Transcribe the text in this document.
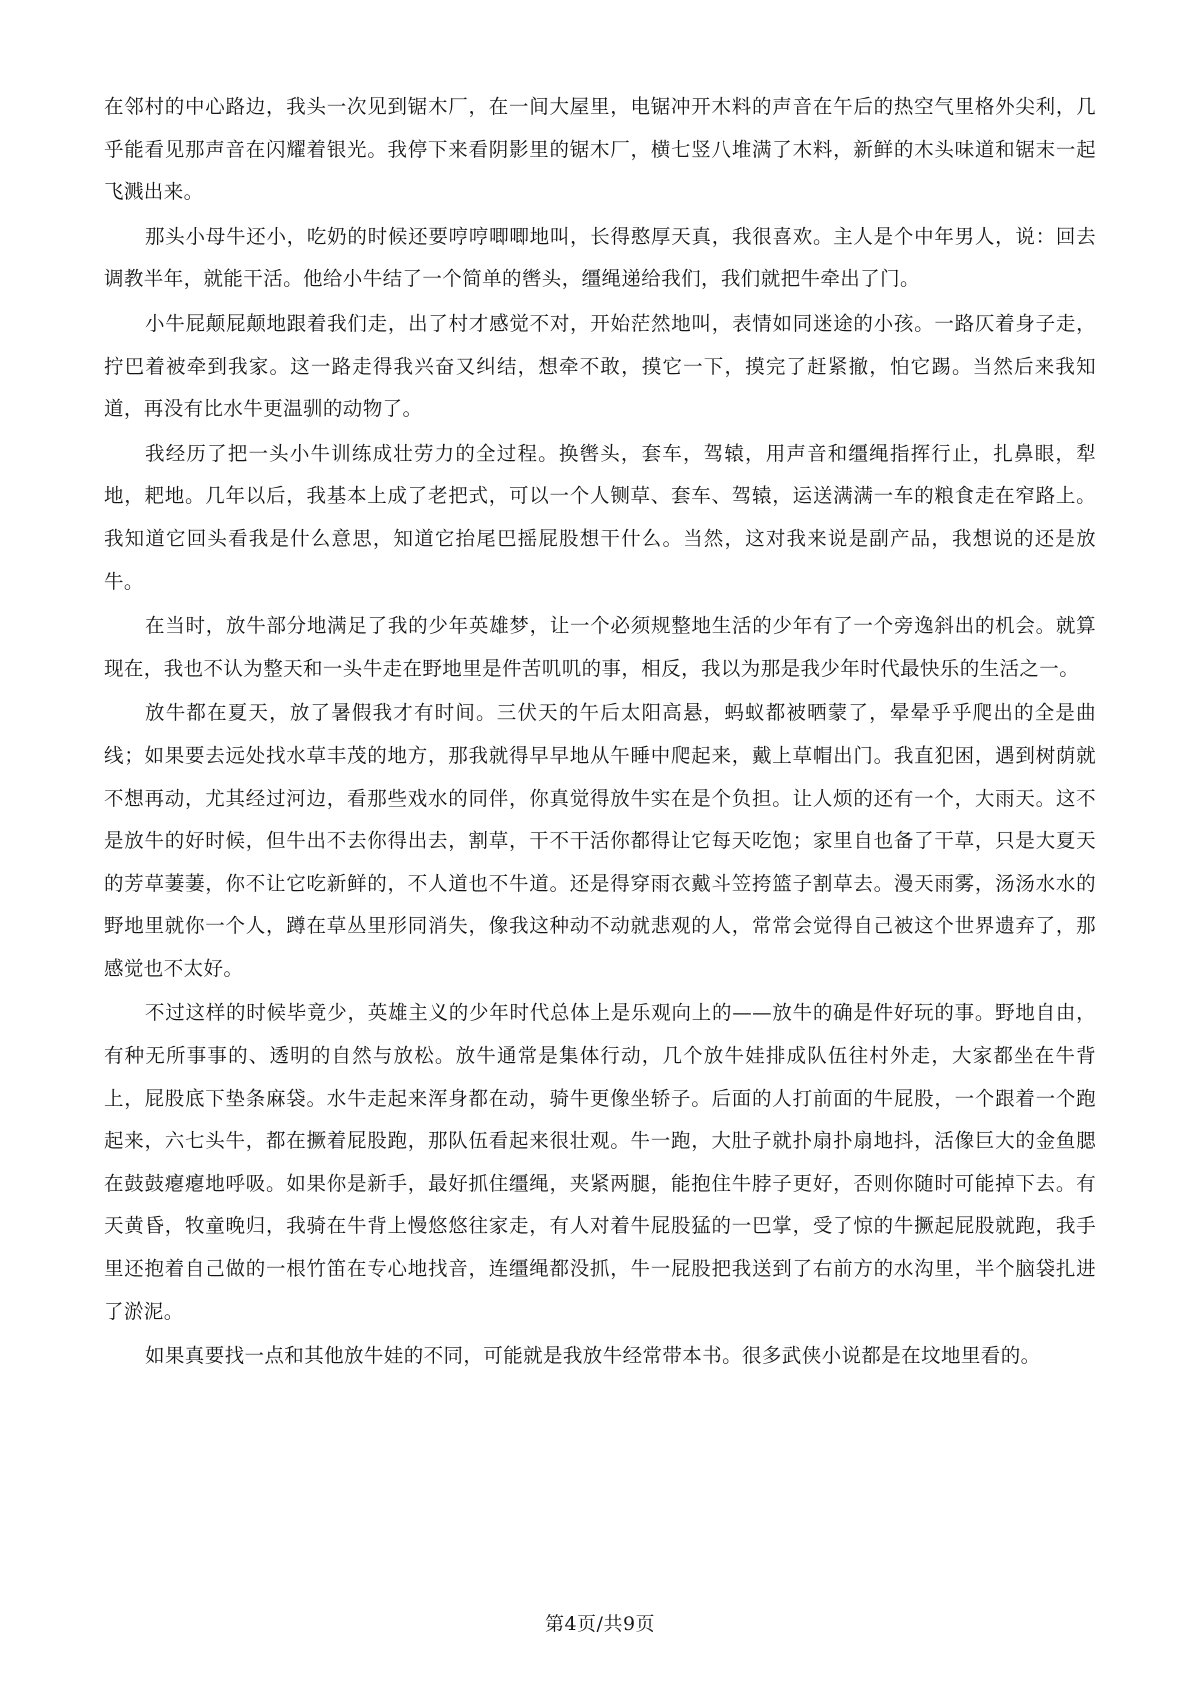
在邻村的中心路边，我头一次见到锯木厂，在一间大屋里，电锯冲开木料的声音在午后的热空气里格外尖利，几乎能看见那声音在闪耀着银光。我停下来看阴影里的锯木厂，横七竖八堆满了木料，新鲜的木头味道和锯末一起飞溅出来。

那头小母牛还小，吃奶的时候还要哼哼唧唧地叫，长得憨厚天真，我很喜欢。主人是个中年男人，说：回去调教半年，就能干活。他给小牛结了一个简单的辔头，缰绳递给我们，我们就把牛牵出了门。

小牛屁颠屁颠地跟着我们走，出了村才感觉不对，开始茫然地叫，表情如同迷途的小孩。一路仄着身子走，拧巴着被牵到我家。这一路走得我兴奋又纠结，想牵不敢，摸它一下，摸完了赶紧撤，怕它踢。当然后来我知道，再没有比水牛更温驯的动物了。

我经历了把一头小牛训练成壮劳力的全过程。换辔头，套车，驾辕，用声音和缰绳指挥行止，扎鼻眼，犁地，耙地。几年以后，我基本上成了老把式，可以一个人铡草、套车、驾辕，运送满满一车的粮食走在窄路上。我知道它回头看我是什么意思，知道它抬尾巴摇屁股想干什么。当然，这对我来说是副产品，我想说的还是放牛。

在当时，放牛部分地满足了我的少年英雄梦，让一个必须规整地生活的少年有了一个旁逸斜出的机会。就算现在，我也不认为整天和一头牛走在野地里是件苦叽叽的事，相反，我以为那是我少年时代最快乐的生活之一。

放牛都在夏天，放了暑假我才有时间。三伏天的午后太阳高悬，蚂蚁都被晒蒙了，晕晕乎乎爬出的全是曲线；如果要去远处找水草丰茂的地方，那我就得早早地从午睡中爬起来，戴上草帽出门。我直犯困，遇到树荫就不想再动，尤其经过河边，看那些戏水的同伴，你真觉得放牛实在是个负担。让人烦的还有一个，大雨天。这不是放牛的好时候，但牛出不去你得出去，割草，干不干活你都得让它每天吃饱；家里自也备了干草，只是大夏天的芳草萋萋，你不让它吃新鲜的，不人道也不牛道。还是得穿雨衣戴斗笠挎篮子割草去。漫天雨雾，汤汤水水的野地里就你一个人，蹲在草丛里形同消失，像我这种动不动就悲观的人，常常会觉得自己被这个世界遗弃了，那感觉也不太好。

不过这样的时候毕竟少，英雄主义的少年时代总体上是乐观向上的——放牛的确是件好玩的事。野地自由，有种无所事事的、透明的自然与放松。放牛通常是集体行动，几个放牛娃排成队伍往村外走，大家都坐在牛背上，屁股底下垫条麻袋。水牛走起来浑身都在动，骑牛更像坐轿子。后面的人打前面的牛屁股，一个跟着一个跑起来，六七头牛，都在撅着屁股跑，那队伍看起来很壮观。牛一跑，大肚子就扑扇扑扇地抖，活像巨大的金鱼腮在鼓鼓瘪瘪地呼吸。如果你是新手，最好抓住缰绳，夹紧两腿，能抱住牛脖子更好，否则你随时可能掉下去。有天黄昏，牧童晚归，我骑在牛背上慢悠悠往家走，有人对着牛屁股猛的一巴掌，受了惊的牛撅起屁股就跑，我手里还抱着自己做的一根竹笛在专心地找音，连缰绳都没抓，牛一屁股把我送到了右前方的水沟里，半个脑袋扎进了淤泥。

如果真要找一点和其他放牛娃的不同，可能就是我放牛经常带本书。很多武侠小说都是在坟地里看的。

第4页/共9页
